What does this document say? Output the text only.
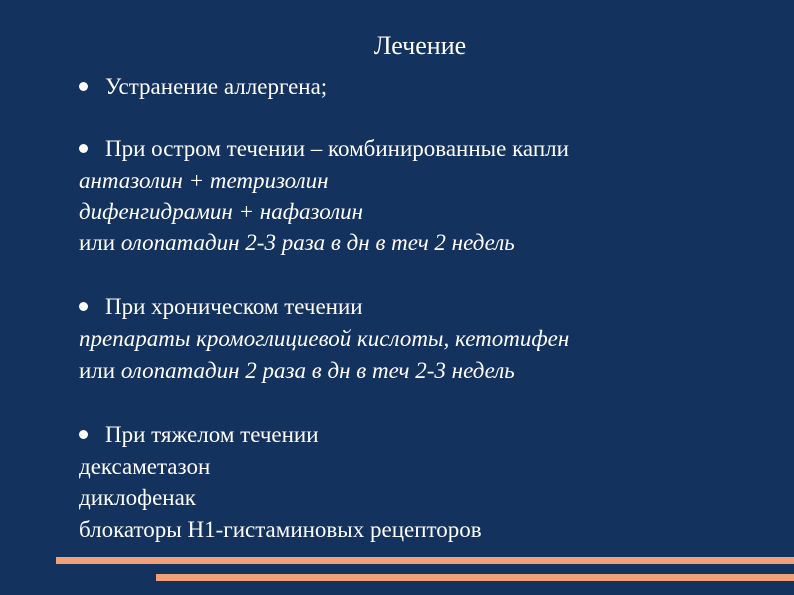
Лечение
Устранение аллергена;
При остром течении – комбинированные капли
антазолин + тетризолин
дифенгидрамин + нафазолин
или олопатадин 2-3 раза в дн в теч 2 недель
При хроническом течении
препараты кромоглициевой кислоты, кетотифен
или олопатадин 2 раза в дн в теч 2-3 недель
При тяжелом течении
дексаметазон
диклофенак
блокаторы Н1-гистаминовых рецепторов
